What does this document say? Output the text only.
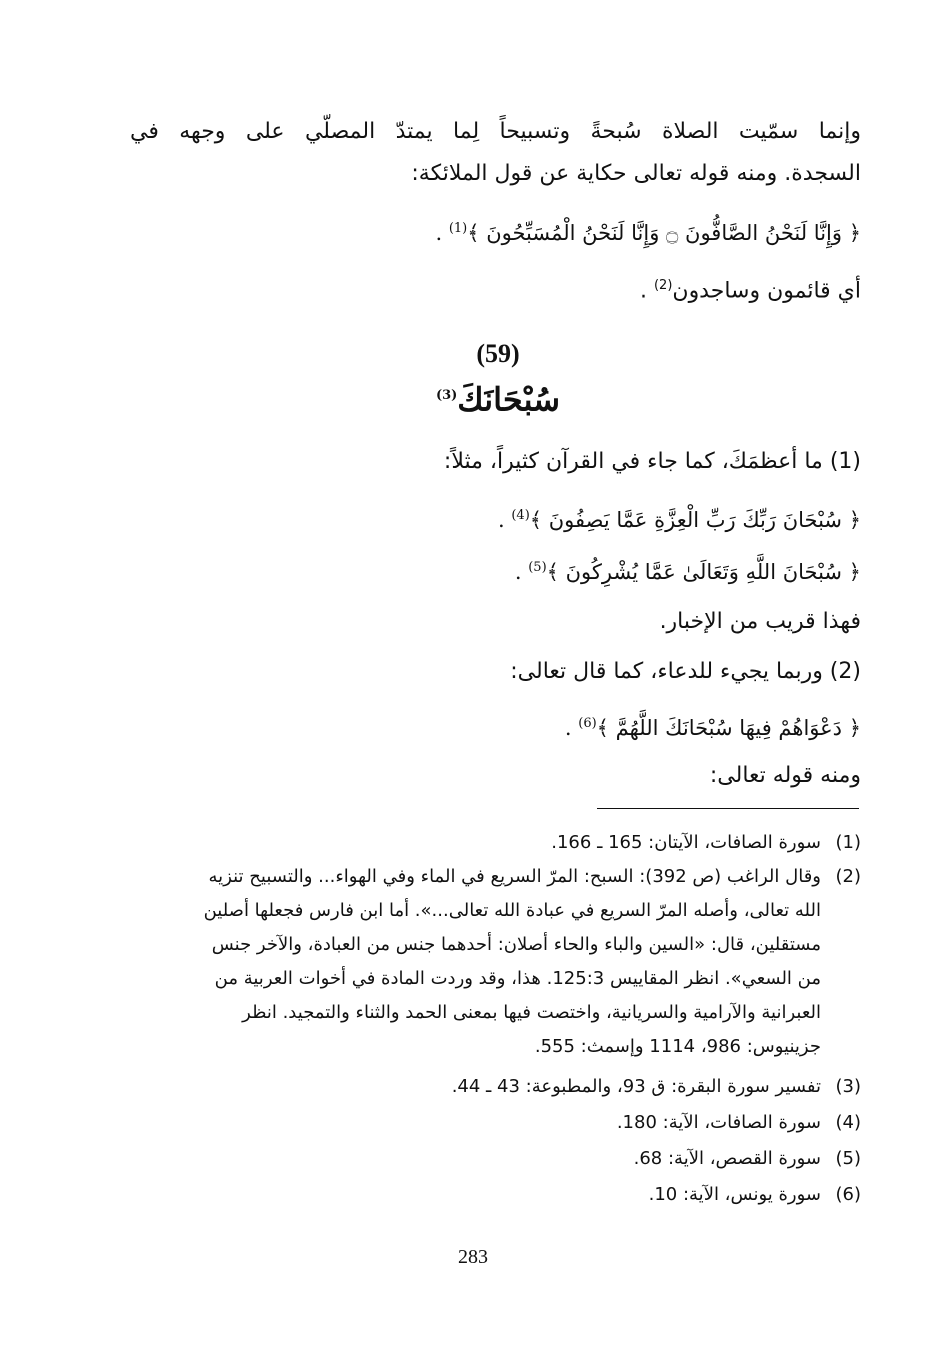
وإنما سمّيت الصلاة سُبحةً وتسبيحاً لِما يمتدّ المصلّي على وجهه في
السجدة. ومنه قوله تعالى حكاية عن قول الملائكة:
﴿ وَإِنَّا لَنَحْنُ الصَّافُّونَ ۝ وَإِنَّا لَنَحْنُ الْمُسَبِّحُونَ ﴾$^{(1)}$ .
أي قائمون وساجدون$^{(2)}$ .
(59)
سُبْحَانَكَ$^{(3)}$
(1) ما أعظمَكَ، كما جاء في القرآن كثيراً، مثلاً:
﴿ سُبْحَانَ رَبِّكَ رَبِّ الْعِزَّةِ عَمَّا يَصِفُونَ ﴾$^{(4)}$ .
﴿ سُبْحَانَ اللَّهِ وَتَعَالَىٰ عَمَّا يُشْرِكُونَ ﴾$^{(5)}$ .
فهذا قريب من الإخبار.
(2) وربما يجيء للدعاء، كما قال تعالى:
﴿ دَعْوَاهُمْ فِيهَا سُبْحَانَكَ اللَّهُمَّ ﴾$^{(6)}$ .
ومنه قوله تعالى:
(1)سورة الصافات، الآيتان: 165 ـ 166.
(2)وقال الراغب (ص 392): السبح: المرّ السريع في الماء وفي الهواء... والتسبيح تنزيه
الله تعالى، وأصله المرّ السريع في عبادة الله تعالى...». أما ابن فارس فجعلها أصلين
مستقلين، قال: «السين والباء والحاء أصلان: أحدهما جنس من العبادة، والآخر جنس
من السعي». انظر المقاييس 125:3. هذا، وقد وردت المادة في أخوات العربية من
العبرانية والآرامية والسريانية، واختصت فيها بمعنى الحمد والثناء والتمجيد. انظر
جزينيوس: 986، 1114 وإسمث: 555.
(3)تفسير سورة البقرة: ق 93، والمطبوعة: 43 ـ 44.
(4)سورة الصافات، الآية: 180.
(5)سورة القصص، الآية: 68.
(6)سورة يونس، الآية: 10.
283
